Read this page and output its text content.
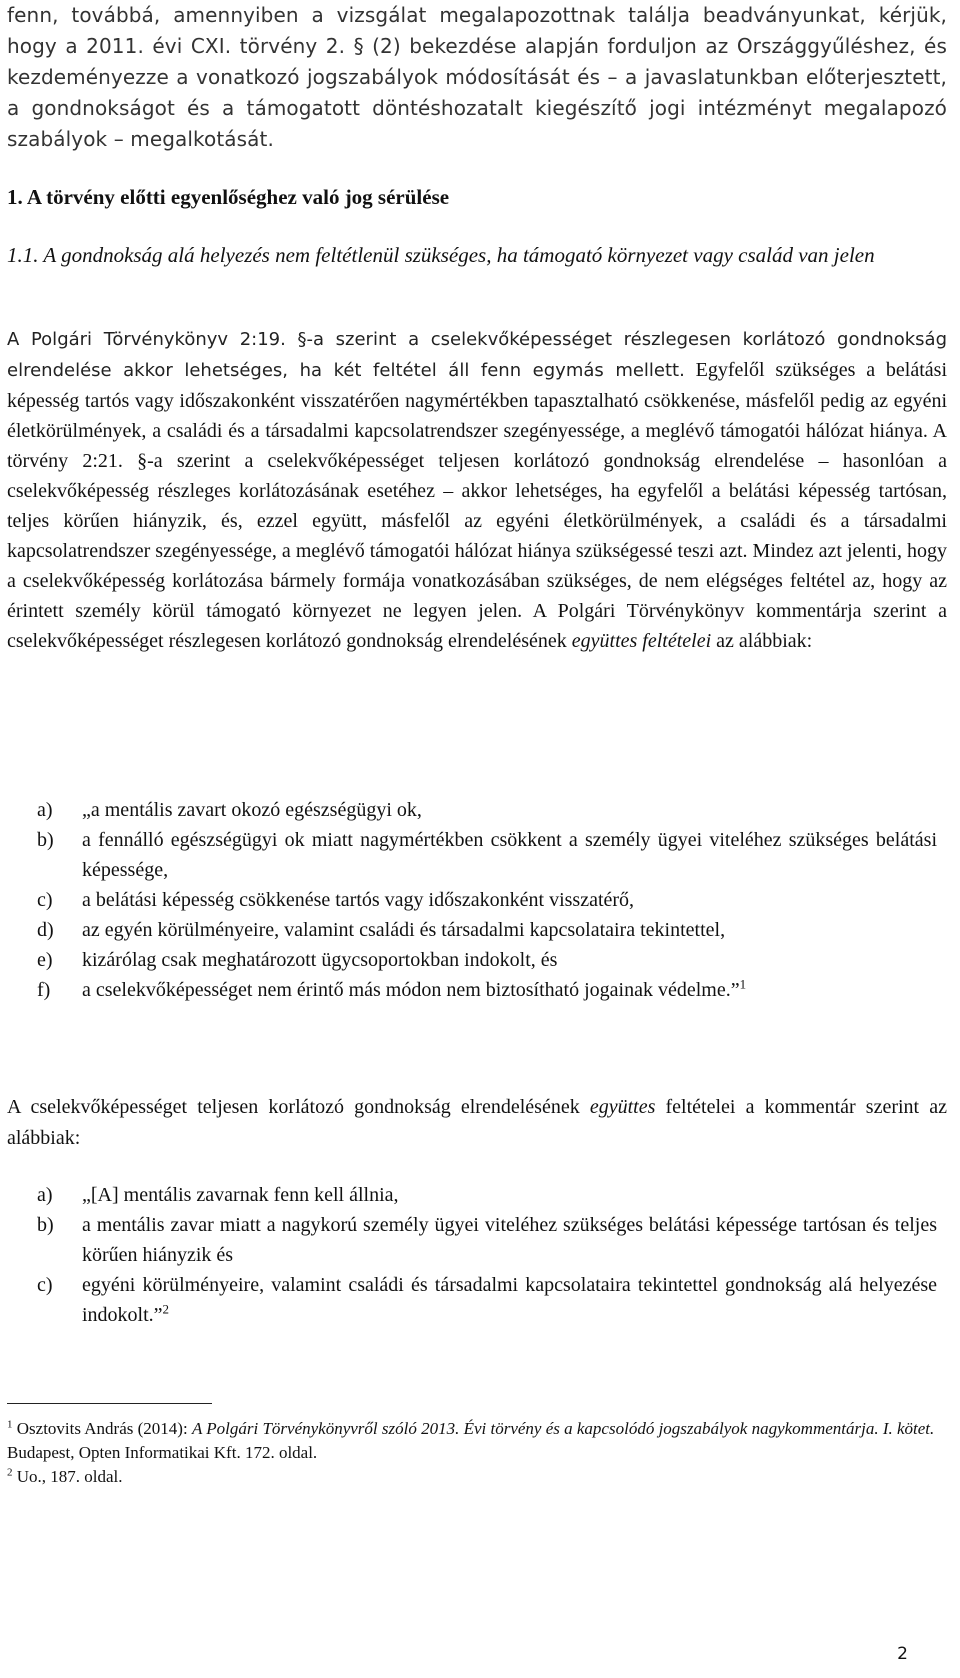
fenn, továbbá, amennyiben a vizsgálat megalapozottnak találja beadványunkat, kérjük, hogy a 2011. évi CXI. törvény 2. § (2) bekezdése alapján forduljon az Országgyűléshez, és kezdeményezze a vonatkozó jogszabályok módosítását és – a javaslatunkban előterjesztett, a gondnokságot és a támogatott döntéshozatalt kiegészítő jogi intézményt megalapozó szabályok – megalkotását.

1. A törvény előtti egyenlőséghez való jog sérülése
1.1. A gondnokság alá helyezés nem feltétlenül szükséges, ha támogató környezet vagy család van jelen

A Polgári Törvénykönyv 2:19. §-a szerint a cselekvőképességet részlegesen korlátozó gondnokság elrendelése akkor lehetséges, ha két feltétel áll fenn egymás mellett. Egyfelől szükséges a belátási képesség tartós vagy időszakonként visszatérően nagymértékben tapasztalható csökkenése, másfelől pedig az egyéni életkörülmények, a családi és a társadalmi kapcsolatrendszer szegényessége, a meglévő támogatói hálózat hiánya. A törvény 2:21. §-a szerint a cselekvőképességet teljesen korlátozó gondnokság elrendelése – hasonlóan a cselekvőképesség részleges korlátozásának esetéhez – akkor lehetséges, ha egyfelől a belátási képesség tartósan, teljes körűen hiányzik, és, ezzel együtt, másfelől az egyéni életkörülmények, a családi és a társadalmi kapcsolatrendszer szegényessége, a meglévő támogatói hálózat hiánya szükségessé teszi azt. Mindez azt jelenti, hogy a cselekvőképesség korlátozása bármely formája vonatkozásában szükséges, de nem elégséges feltétel az, hogy az érintett személy körül támogató környezet ne legyen jelen. A Polgári Törvénykönyv kommentárja szerint a cselekvőképességet részlegesen korlátozó gondnokság elrendelésének együttes feltételei az alábbiak:

a) „a mentális zavart okozó egészségügyi ok,
b) a fennálló egészségügyi ok miatt nagymértékben csökkent a személy ügyei viteléhez szükséges belátási képessége,
c) a belátási képesség csökkenése tartós vagy időszakonként visszatérő,
d) az egyén körülményeire, valamint családi és társadalmi kapcsolataira tekintettel,
e) kizárólag csak meghatározott ügycsoportokban indokolt, és
f) a cselekvőképességet nem érintő más módon nem biztosítható jogainak védelme.”$^1$

A cselekvőképességet teljesen korlátozó gondnokság elrendelésének együttes feltételei a kommentár szerint az alábbiak:

a) „[A] mentális zavarnak fenn kell állnia,
b) a mentális zavar miatt a nagykorú személy ügyei viteléhez szükséges belátási képessége tartósan és teljes körűen hiányzik és
c) egyéni körülményeire, valamint családi és társadalmi kapcsolataira tekintettel gondnokság alá helyezése indokolt.”$^2$

$^1$ Osztovits András (2014): A Polgári Törvénykönyvről szóló 2013. Évi törvény és a kapcsolódó jogszabályok nagykommentárja. I. kötet. Budapest, Opten Informatikai Kft. 172. oldal.

$^2$ Uo., 187. oldal.

2
